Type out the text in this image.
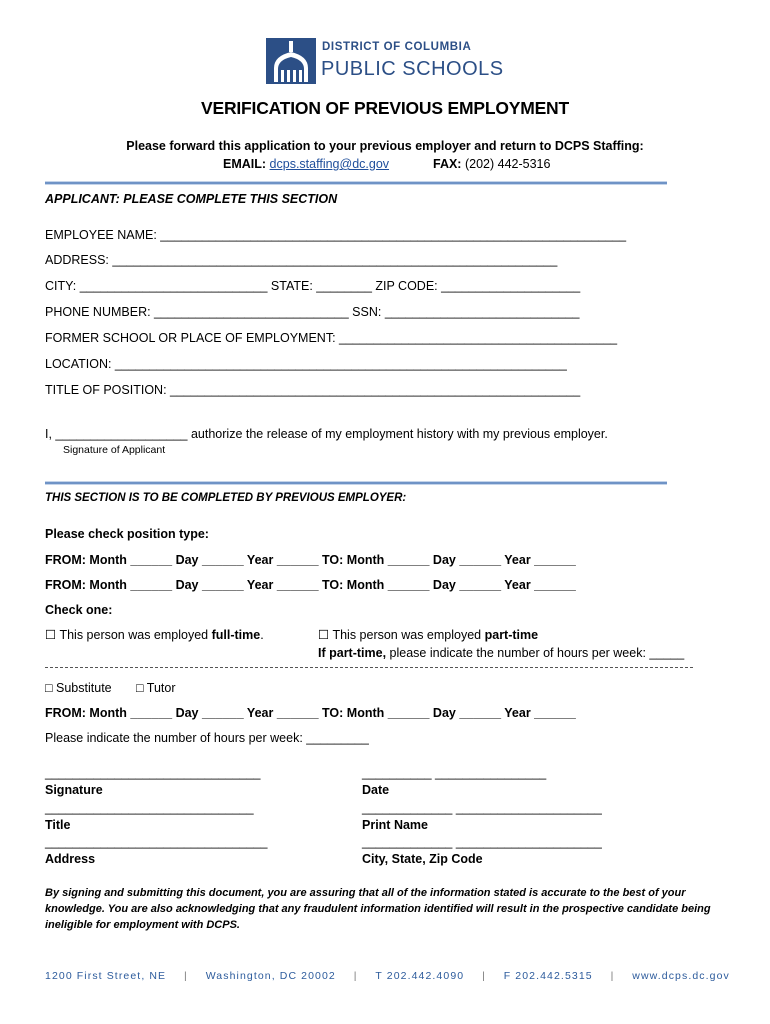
DISTRICT OF COLUMBIA
PUBLIC SCHOOLS
VERIFICATION OF PREVIOUS EMPLOYMENT
Please forward this application to your previous employer and return to DCPS Staffing:
EMAIL: dcps.staffing@dc.gov	FAX: (202) 442-5316
APPLICANT: PLEASE COMPLETE THIS SECTION
EMPLOYEE NAME: ___________________________________________________________________
ADDRESS: ________________________________________________________________
CITY: ___________________________ STATE: ________ ZIP CODE: ____________________
PHONE NUMBER: ____________________________ SSN: ____________________________
FORMER SCHOOL OR PLACE OF EMPLOYMENT: ________________________________________
LOCATION: _________________________________________________________________
TITLE OF POSITION: ___________________________________________________________
I, ___________________ authorize the release of my employment history with my previous employer.
Signature of Applicant
THIS SECTION IS TO BE COMPLETED BY PREVIOUS EMPLOYER:
Please check position type:
FROM: Month ______ Day ______ Year ______ TO: Month ______ Day ______ Year ______
FROM: Month ______ Day ______ Year ______ TO: Month ______ Day ______ Year ______
Check one:
☐ This person was employed full-time.	☐ This person was employed part-time
If part-time, please indicate the number of hours per week: _____
□ Substitute □ Tutor
FROM: Month ______ Day ______ Year ______ TO: Month ______ Day ______ Year ______
Please indicate the number of hours per week: _________
_______________________________	__________ ________________
Signature	Date
______________________________	_____________ _____________________
Title	Print Name
________________________________	_____________ _____________________
Address	City, State, Zip Code
By signing and submitting this document, you are assuring that all of the information stated is accurate to the best of your knowledge. You are also acknowledging that any fraudulent information identified will result in the prospective candidate being ineligible for employment with DCPS.
1200 First Street, NE | Washington, DC 20002 | T 202.442.4090 | F 202.442.5315 | www.dcps.dc.gov
